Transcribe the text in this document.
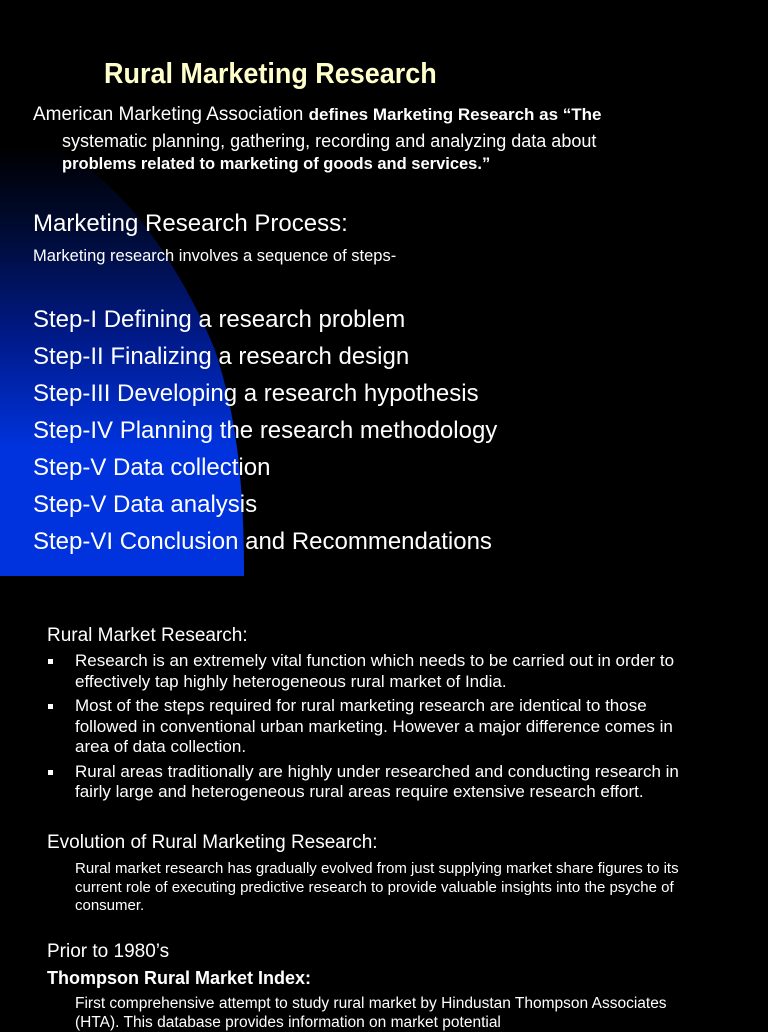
Rural Marketing Research
American Marketing Association defines Marketing Research as “The
systematic planning, gathering, recording and analyzing data about
problems related to marketing of goods and services.”
Marketing Research Process:
Marketing research involves a sequence of steps-
Step-I Defining a research problem
Step-II Finalizing a research design
Step-III Developing a research hypothesis
Step-IV Planning the research methodology
Step-V Data collection
Step-V Data analysis
Step-VI Conclusion and Recommendations
Rural Market Research:
Research is an extremely vital function which needs to be carried out in order to effectively tap highly heterogeneous rural market of India.
Most of the steps required for rural marketing research are identical to those followed in conventional urban marketing. However a major difference comes in area of data collection.
Rural areas traditionally are highly under researched and conducting research in fairly large and heterogeneous rural areas require extensive research effort.
Evolution of Rural Marketing Research:
Rural market research has gradually evolved from just supplying market share figures to its current role of executing predictive research to provide valuable insights into the psyche of consumer.
Prior to 1980’s
Thompson Rural Market Index:
First comprehensive attempt to study rural market by Hindustan Thompson Associates (HTA). This database provides information on market potential
